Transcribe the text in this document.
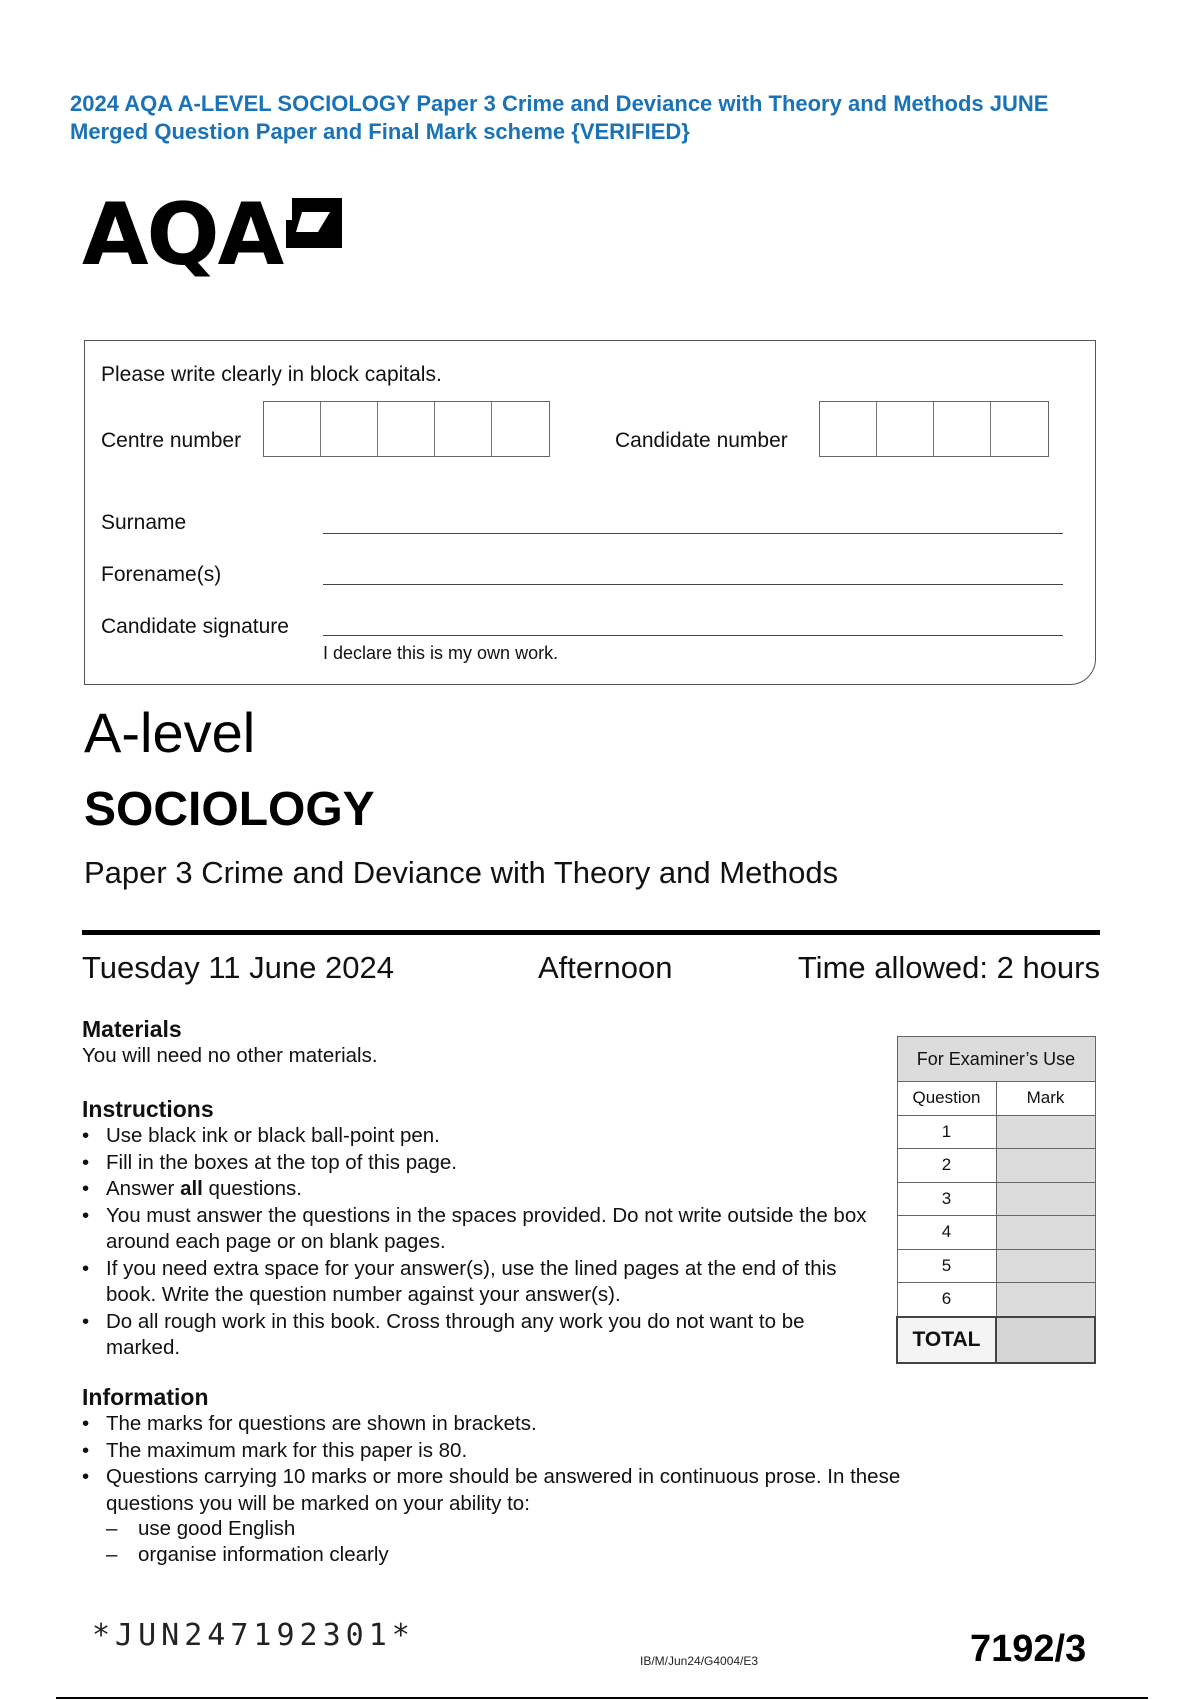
2024 AQA A-LEVEL SOCIOLOGY Paper 3 Crime and Deviance with Theory and Methods JUNE
Merged Question Paper and Final Mark scheme {VERIFIED}
AQA
Please write clearly in block capitals.
Centre number	Candidate number
Surname
Forename(s)
Candidate signature
I declare this is my own work.
A-level
SOCIOLOGY
Paper 3 Crime and Deviance with Theory and Methods
Tuesday 11 June 2024	Afternoon	Time allowed: 2 hours
Materials
You will need no other materials.
Instructions
• Use black ink or black ball-point pen.
• Fill in the boxes at the top of this page.
• Answer all questions.
• You must answer the questions in the spaces provided. Do not write outside the box around each page or on blank pages.
• If you need extra space for your answer(s), use the lined pages at the end of this book. Write the question number against your answer(s).
• Do all rough work in this book. Cross through any work you do not want to be marked.
Information
• The marks for questions are shown in brackets.
• The maximum mark for this paper is 80.
• Questions carrying 10 marks or more should be answered in continuous prose. In these questions you will be marked on your ability to:
– use good English
– organise information clearly
For Examiner’s Use	
Question	Mark
1	
2	
3	
4	
5	
6	
TOTAL	
*JUN247192301*
IB/M/Jun24/G4004/E3	7192/3
